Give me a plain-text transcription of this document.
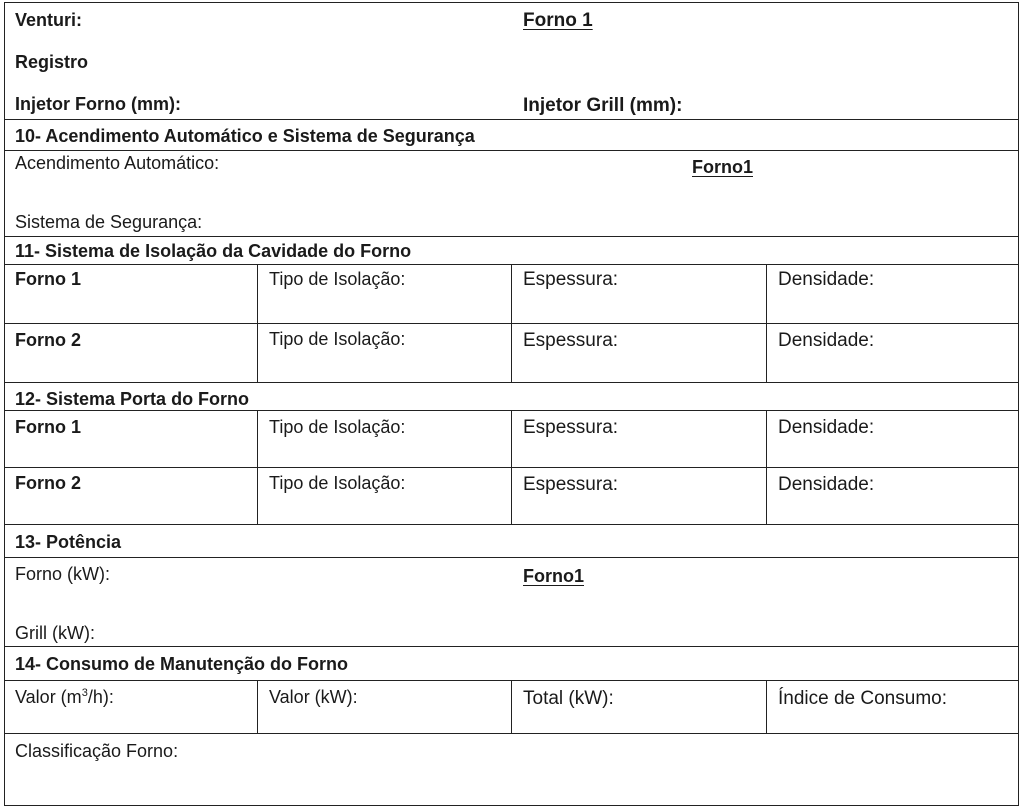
Venturi:	Forno 1
Registro
Injetor Forno (mm):	Injetor Grill (mm):
10- Acendimento Automático e Sistema de Segurança
Acendimento Automático:	Forno1
Sistema de Segurança:
11- Sistema de Isolação da Cavidade do Forno
Forno 1	Tipo de Isolação:	Espessura:	Densidade:
Forno 2	Tipo de Isolação:	Espessura:	Densidade:
12- Sistema Porta do Forno
Forno 1	Tipo de Isolação:	Espessura:	Densidade:
Forno 2	Tipo de Isolação:	Espessura:	Densidade:
13- Potência
Forno (kW):	Forno1
Grill (kW):
14- Consumo de Manutenção do Forno
Valor $(m^3/h)$:	Valor (kW):	Total (kW):	Índice de Consumo:
Classificação Forno:
